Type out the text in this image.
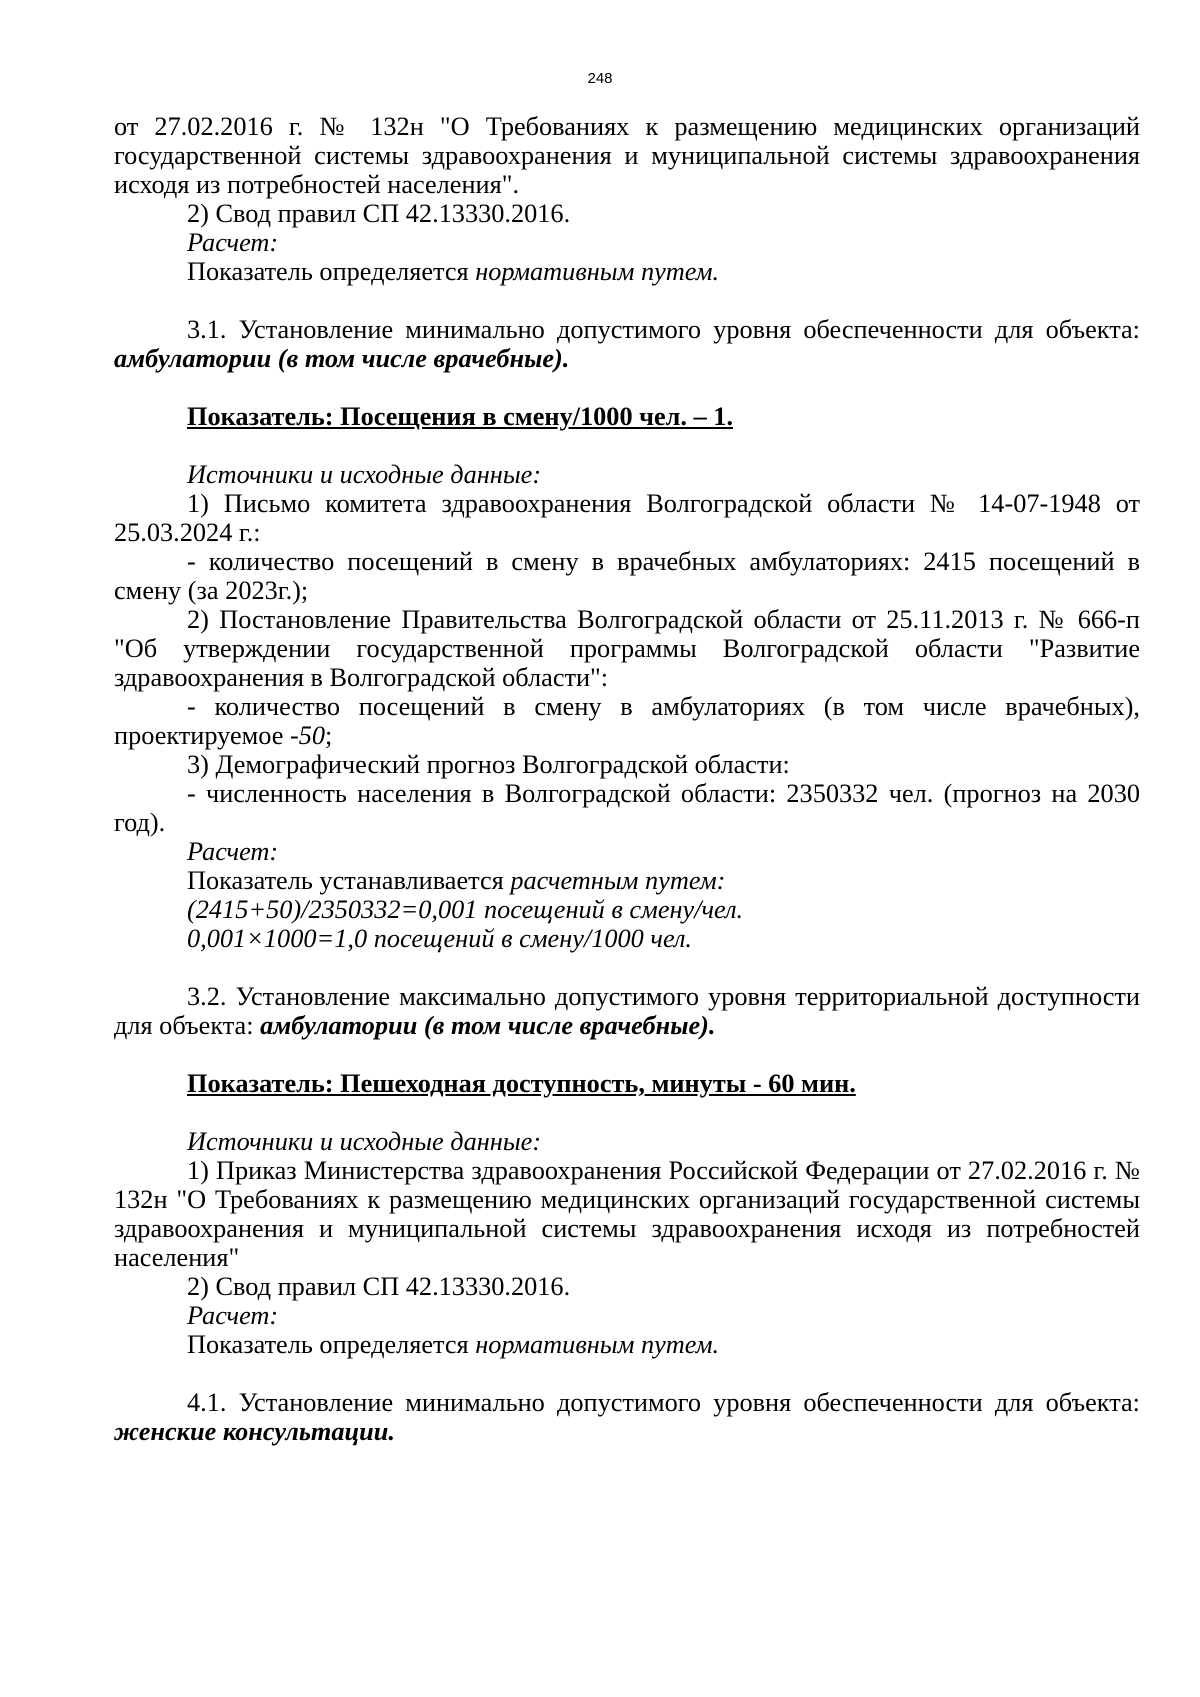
248

от 27.02.2016 г. № 132н "О Требованиях к размещению медицинских организаций государственной системы здравоохранения и муниципальной системы здравоохранения исходя из потребностей населения".

2) Свод правил СП 42.13330.2016.

Расчет:

Показатель определяется нормативным путем.

3.1. Установление минимально допустимого уровня обеспеченности для объекта: амбулатории (в том числе врачебные).

Показатель: Посещения в смену/1000 чел. – 1.

Источники и исходные данные:

1) Письмо комитета здравоохранения Волгоградской области № 14-07-1948 от 25.03.2024 г.:

- количество посещений в смену в врачебных амбулаториях: 2415 посещений в смену (за 2023г.);

2) Постановление Правительства Волгоградской области от 25.11.2013 г. № 666-п "Об утверждении государственной программы Волгоградской области "Развитие здравоохранения в Волгоградской области":

- количество посещений в смену в амбулаториях (в том числе врачебных), проектируемое -50;

3) Демографический прогноз Волгоградской области:

- численность населения в Волгоградской области: 2350332 чел. (прогноз на 2030 год).

Расчет:

Показатель устанавливается расчетным путем:

(2415+50)/2350332=0,001 посещений в смену/чел.

0,001×1000=1,0 посещений в смену/1000 чел.

3.2. Установление максимально допустимого уровня территориальной доступности для объекта: амбулатории (в том числе врачебные).

Показатель: Пешеходная доступность, минуты - 60 мин.

Источники и исходные данные:

1) Приказ Министерства здравоохранения Российской Федерации от 27.02.2016 г. № 132н "О Требованиях к размещению медицинских организаций государственной системы здравоохранения и муниципальной системы здравоохранения исходя из потребностей населения"

2) Свод правил СП 42.13330.2016.

Расчет:

Показатель определяется нормативным путем.

4.1. Установление минимально допустимого уровня обеспеченности для объекта: женские консультации.
